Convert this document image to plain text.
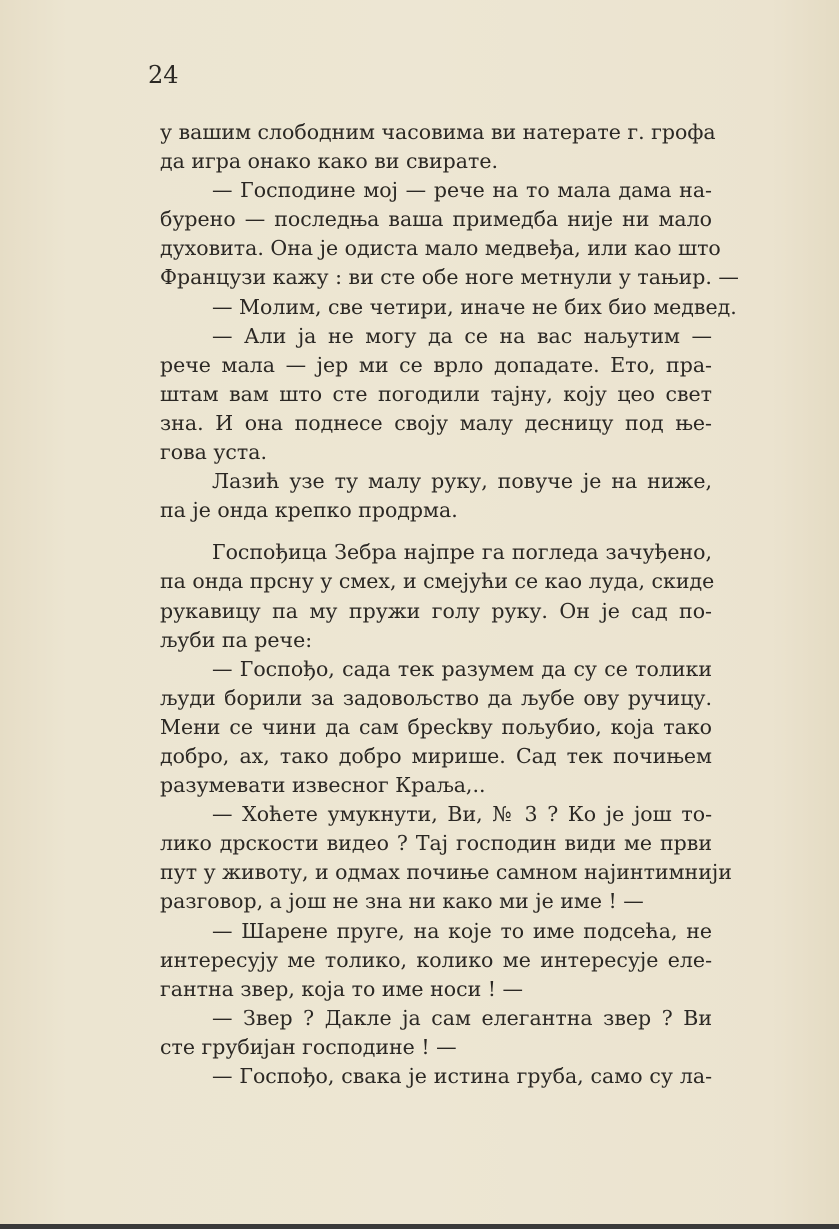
24
у вашим слободним часовима ви натерате г. грофа
да игра онако како ви свирате.
— Господине мој — рече на то мала дама на-
бурено — последња ваша примедба није ни мало
духовита. Она је одиста мало медвеђа, или као што
Французи кажу : ви сте обе ноге метнули у тањир. —
— Молим, све четири, иначе не бих био медвед.
— Али ја не могу да се на вас наљутим —
рече мала — јер ми се врло допадате. Ето, пра-
штам вам што сте погодили тајну, коју цео свет
зна. И она поднесе своју малу десницу под ње-
гова уста.
Лазић узе ту малу руку, повуче је на ниже,
па је онда крепко продрма.
Госпођица Зебра најпре га погледа зачуђено,
па онда прсну у смех, и смејући се као луда, скиде
рукавицу па му пружи голу руку. Он је сад по-
љуби па рече:
— Госпођо, сада тек разумем да су се толики
људи борили за задовољство да љубе ову ручицу.
Мени се чини да сам бресkву пољубио, која тако
добро, ах, тако добро мирише. Сад тек почињем
разумевати извесног Краља,..
— Хоћете умукнути, Ви, № 3 ? Ко је још то-
лико дрскости видео ? Тај господин види ме први
пут у животу, и одмах почиње самном најинтимнији
разговор, а још не зна ни како ми је име ! —
— Шарене пруге, на које то име подсећа, не
интересују ме толико, колико ме интересује еле-
гантна звер, која то име носи ! —
— Звер ? Дакле ја сам елегантна звер ? Ви
сте грубијан господине ! —
— Госпођо, свака је истина груба, само су ла-
